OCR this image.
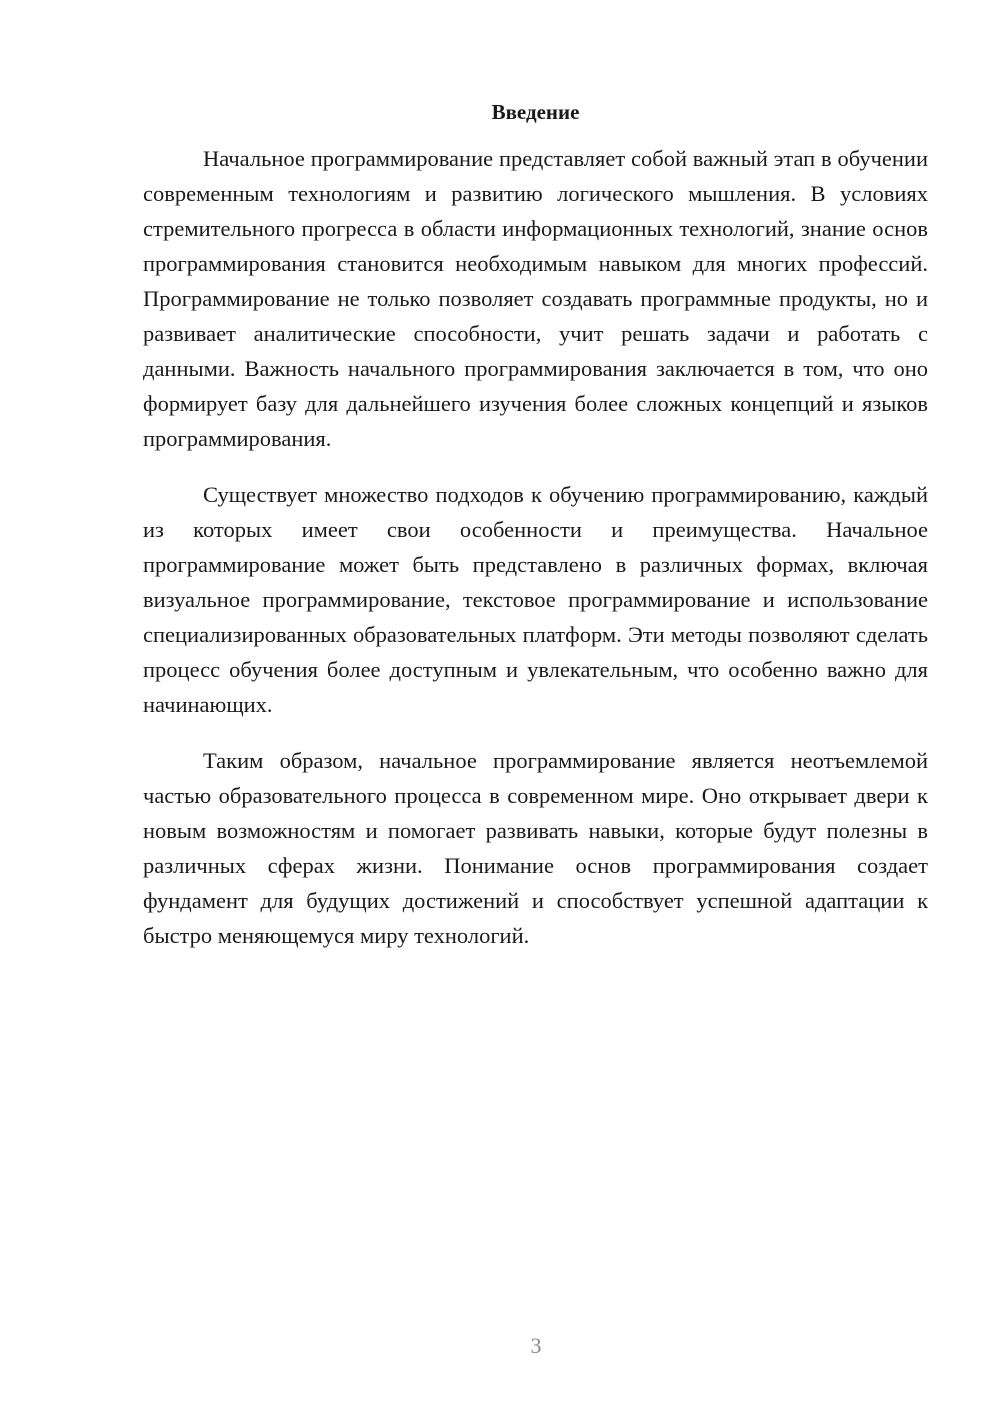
Введение

Начальное программирование представляет собой важный этап в обучении современным технологиям и развитию логического мышления. В условиях стремительного прогресса в области информационных технологий, знание основ программирования становится необходимым навыком для многих профессий. Программирование не только позволяет создавать программные продукты, но и развивает аналитические способности, учит решать задачи и работать с данными. Важность начального программирования заключается в том, что оно формирует базу для дальнейшего изучения более сложных концепций и языков программирования.

Существует множество подходов к обучению программированию, каждый из которых имеет свои особенности и преимущества. Начальное программирование может быть представлено в различных формах, включая визуальное программирование, текстовое программирование и использование специализированных образовательных платформ. Эти методы позволяют сделать процесс обучения более доступным и увлекательным, что особенно важно для начинающих.

Таким образом, начальное программирование является неотъемлемой частью образовательного процесса в современном мире. Оно открывает двери к новым возможностям и помогает развивать навыки, которые будут полезны в различных сферах жизни. Понимание основ программирования создает фундамент для будущих достижений и способствует успешной адаптации к быстро меняющемуся миру технологий.

3
